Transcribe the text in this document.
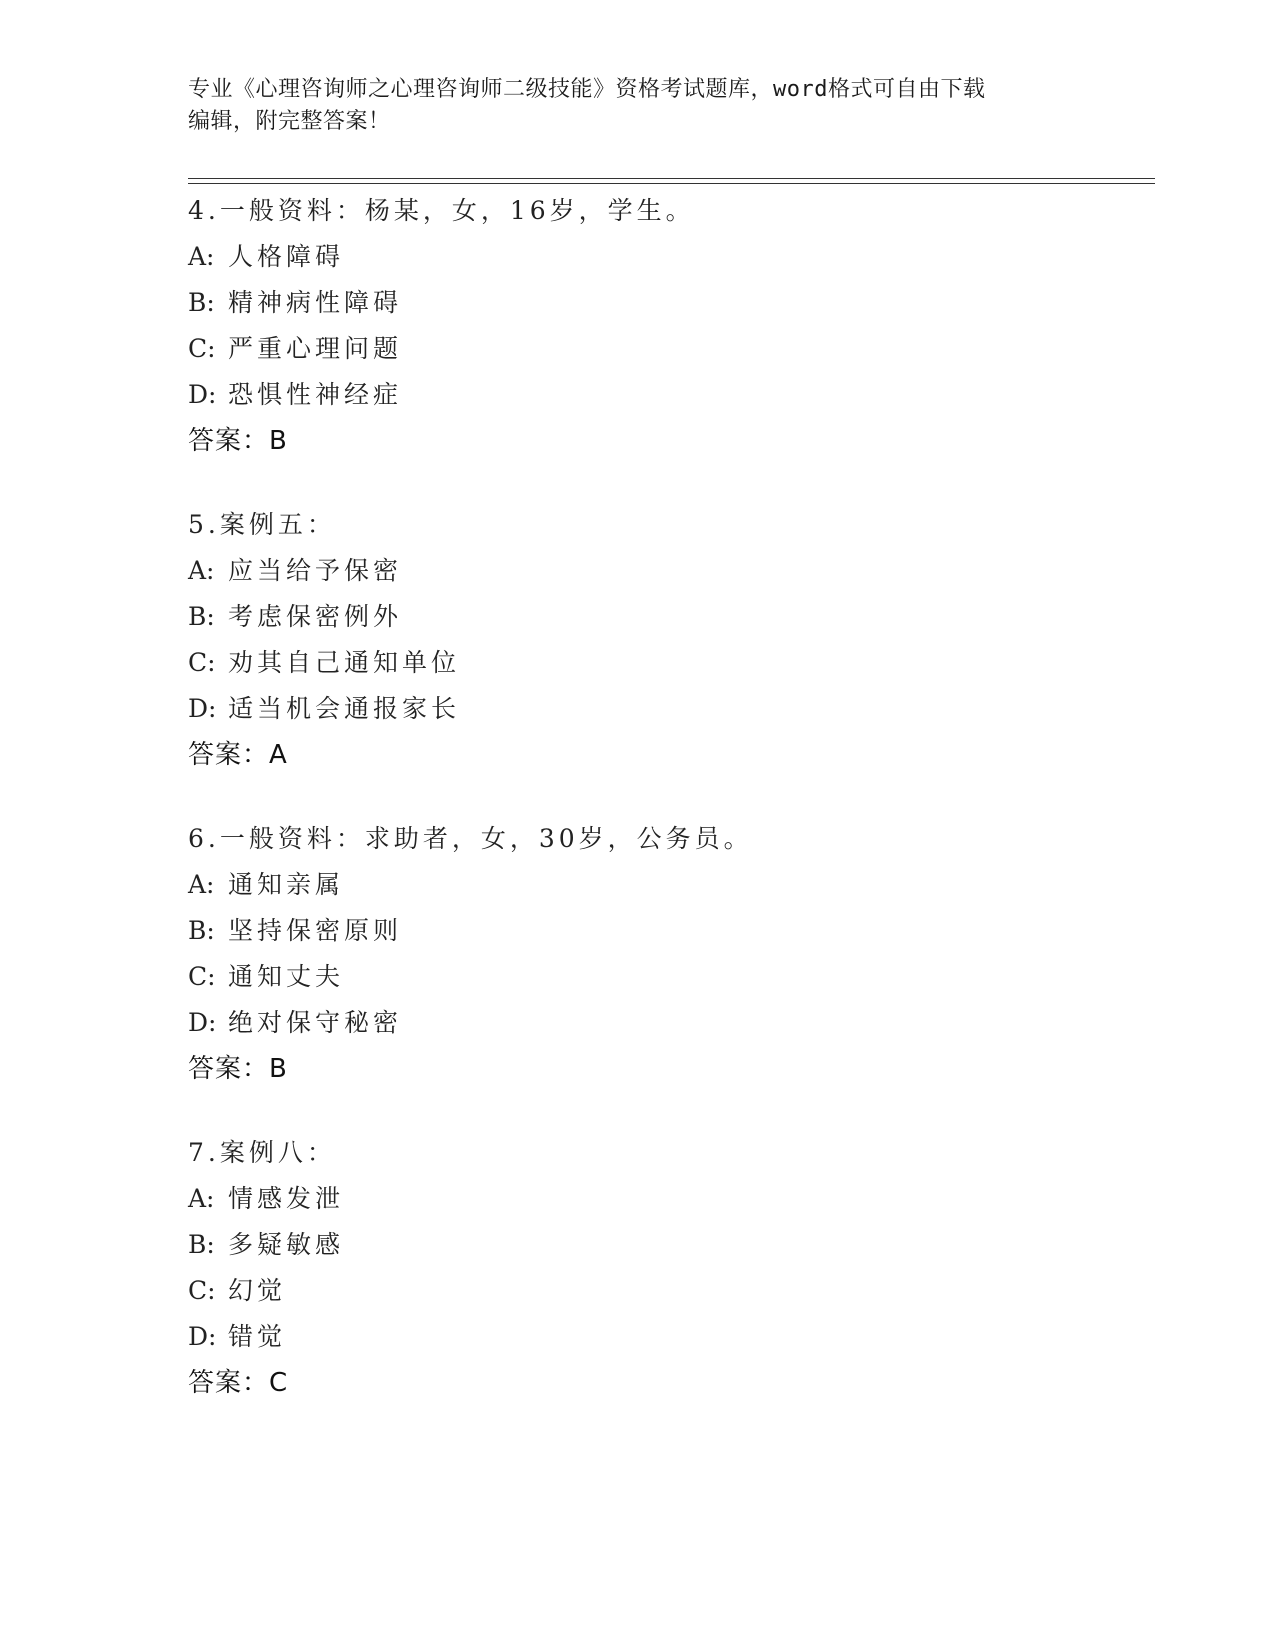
专业《心理咨询师之心理咨询师二级技能》资格考试题库，word格式可自由下载

编辑，附完整答案！

4.一般资料：杨某，女，16岁，学生。
A: 人格障碍
B: 精神病性障碍
C: 严重心理问题
D: 恐惧性神经症
答案：B
5.案例五：
A: 应当给予保密
B: 考虑保密例外
C: 劝其自己通知单位
D: 适当机会通报家长
答案：A
6.一般资料：求助者，女，30岁，公务员。
A: 通知亲属
B: 坚持保密原则
C: 通知丈夫
D: 绝对保守秘密
答案：B
7.案例八：
A: 情感发泄
B: 多疑敏感
C: 幻觉
D: 错觉
答案：C
